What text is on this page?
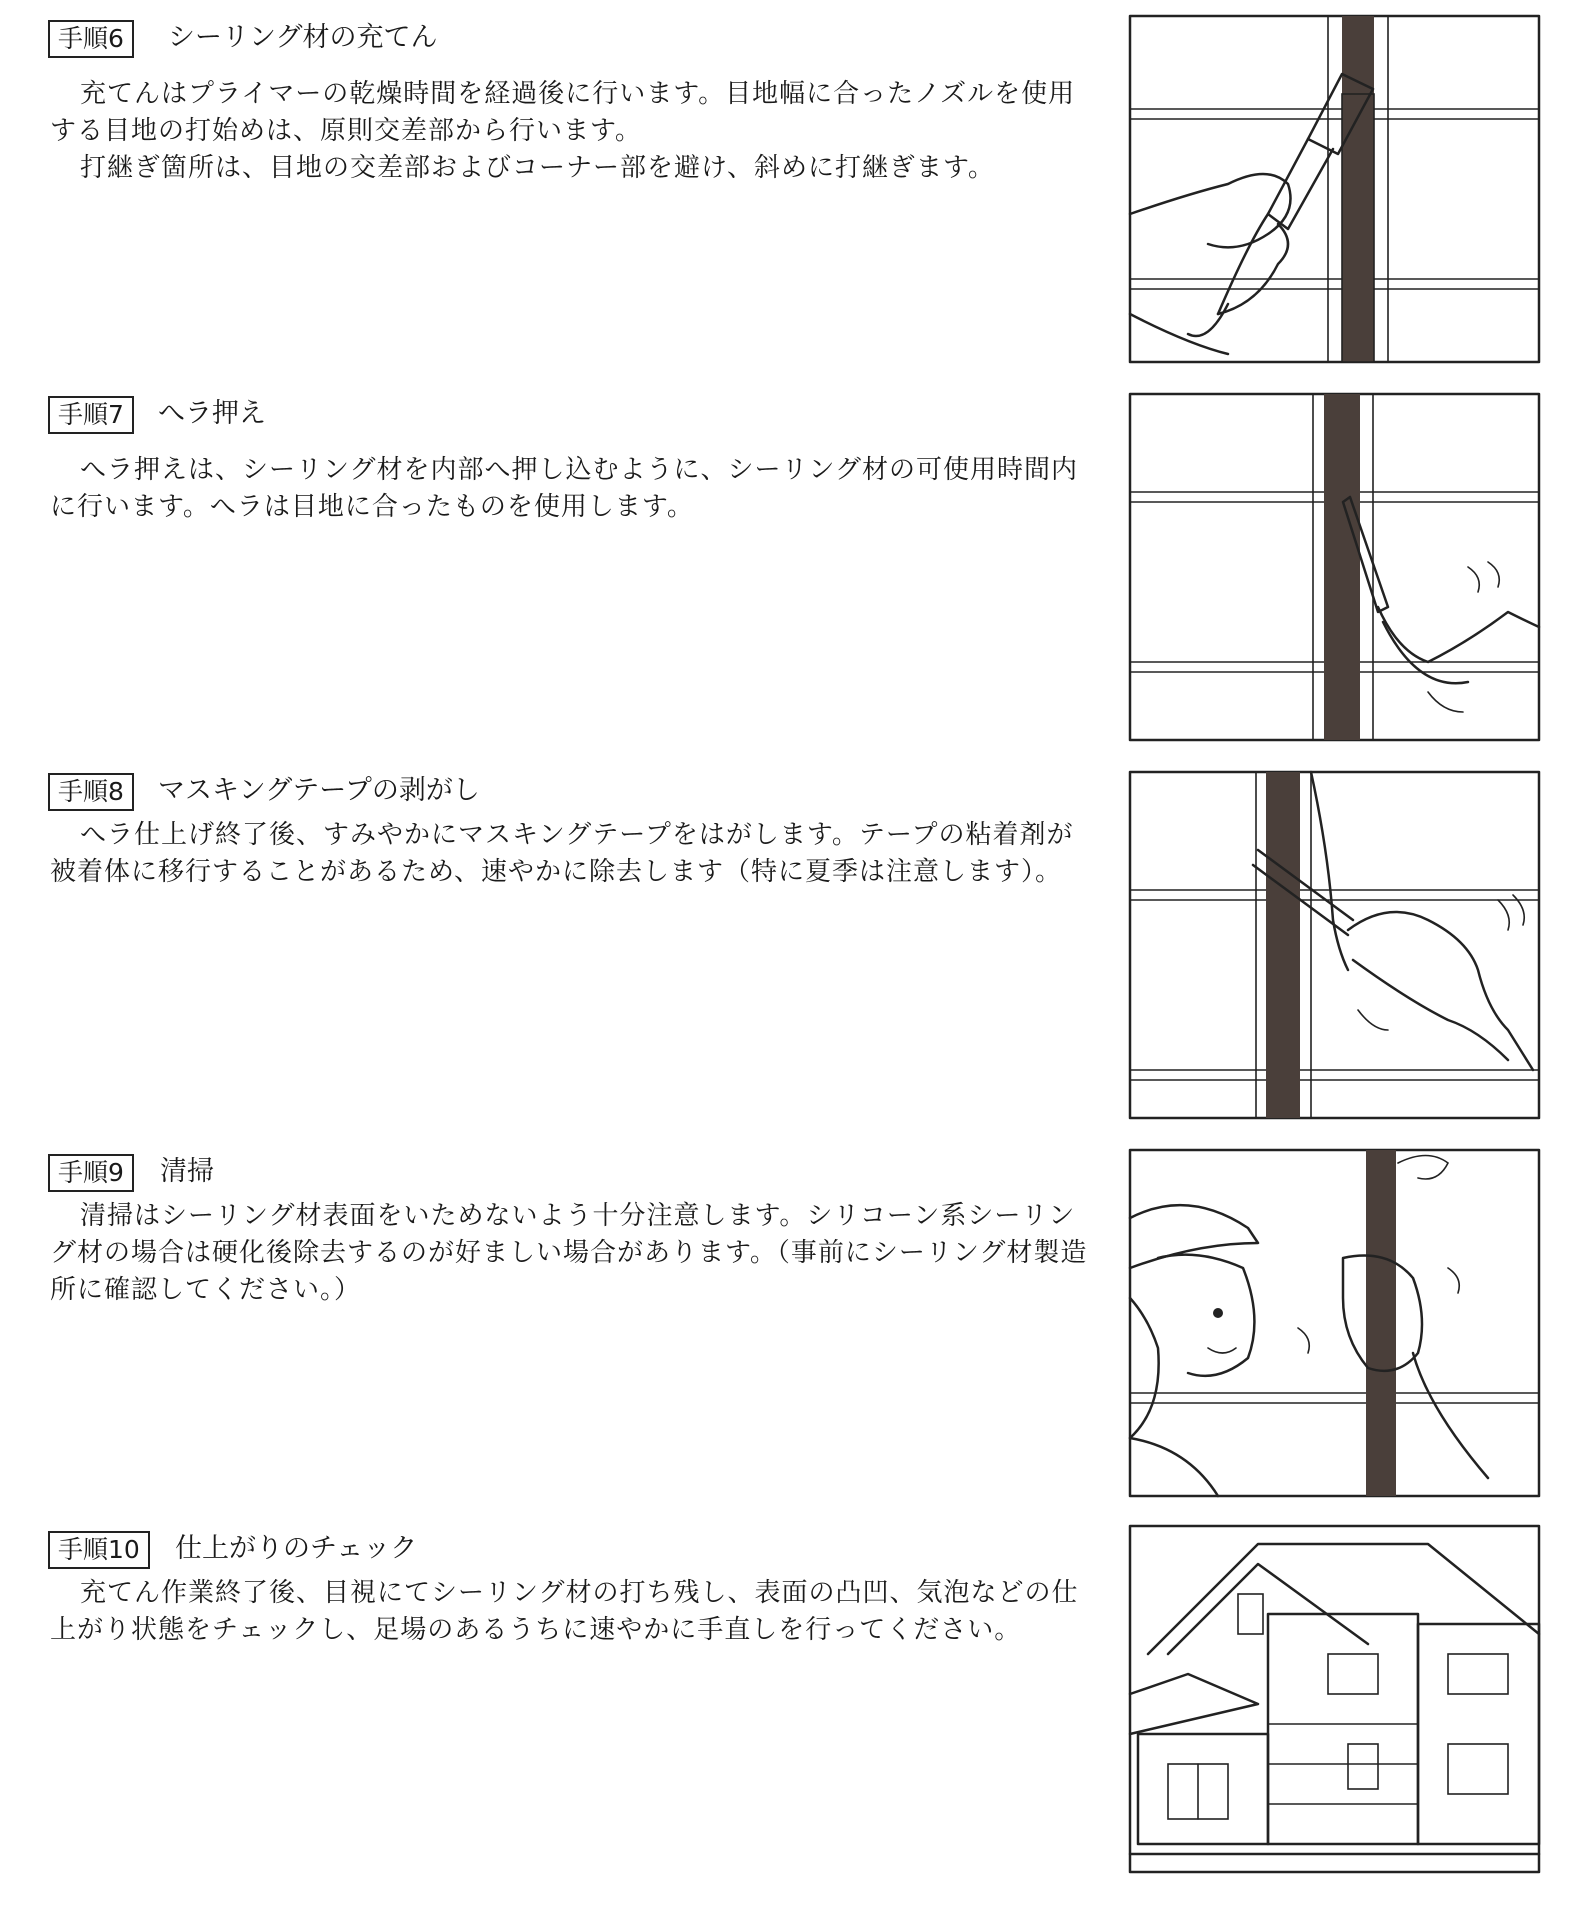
手順6	シーリング材の充てん

充てんはプライマーの乾燥時間を経過後に行います。目地幅に合ったノズルを使用する目地の打始めは、原則交差部から行います。

打継ぎ箇所は、目地の交差部およびコーナー部を避け、斜めに打継ぎます。

手順7	へラ押え

へラ押えは、シーリング材を内部へ押し込むように、シーリング材の可使用時間内に行います。へラは目地に合ったものを使用します。

手順8	マスキングテープの剥がし

へラ仕上げ終了後、すみやかにマスキングテープをはがします。テープの粘着剤が被着体に移行することがあるため、速やかに除去します（特に夏季は注意します）。

手順9	清掃

清掃はシーリング材表面をいためないよう十分注意します。シリコーン系シーリング材の場合は硬化後除去するのが好ましい場合があります。（事前にシーリング材製造所に確認してください。）

手順10	仕上がりのチェック

充てん作業終了後、目視にてシーリング材の打ち残し、表面の凸凹、気泡などの仕上がり状態をチェックし、足場のあるうちに速やかに手直しを行ってください。
